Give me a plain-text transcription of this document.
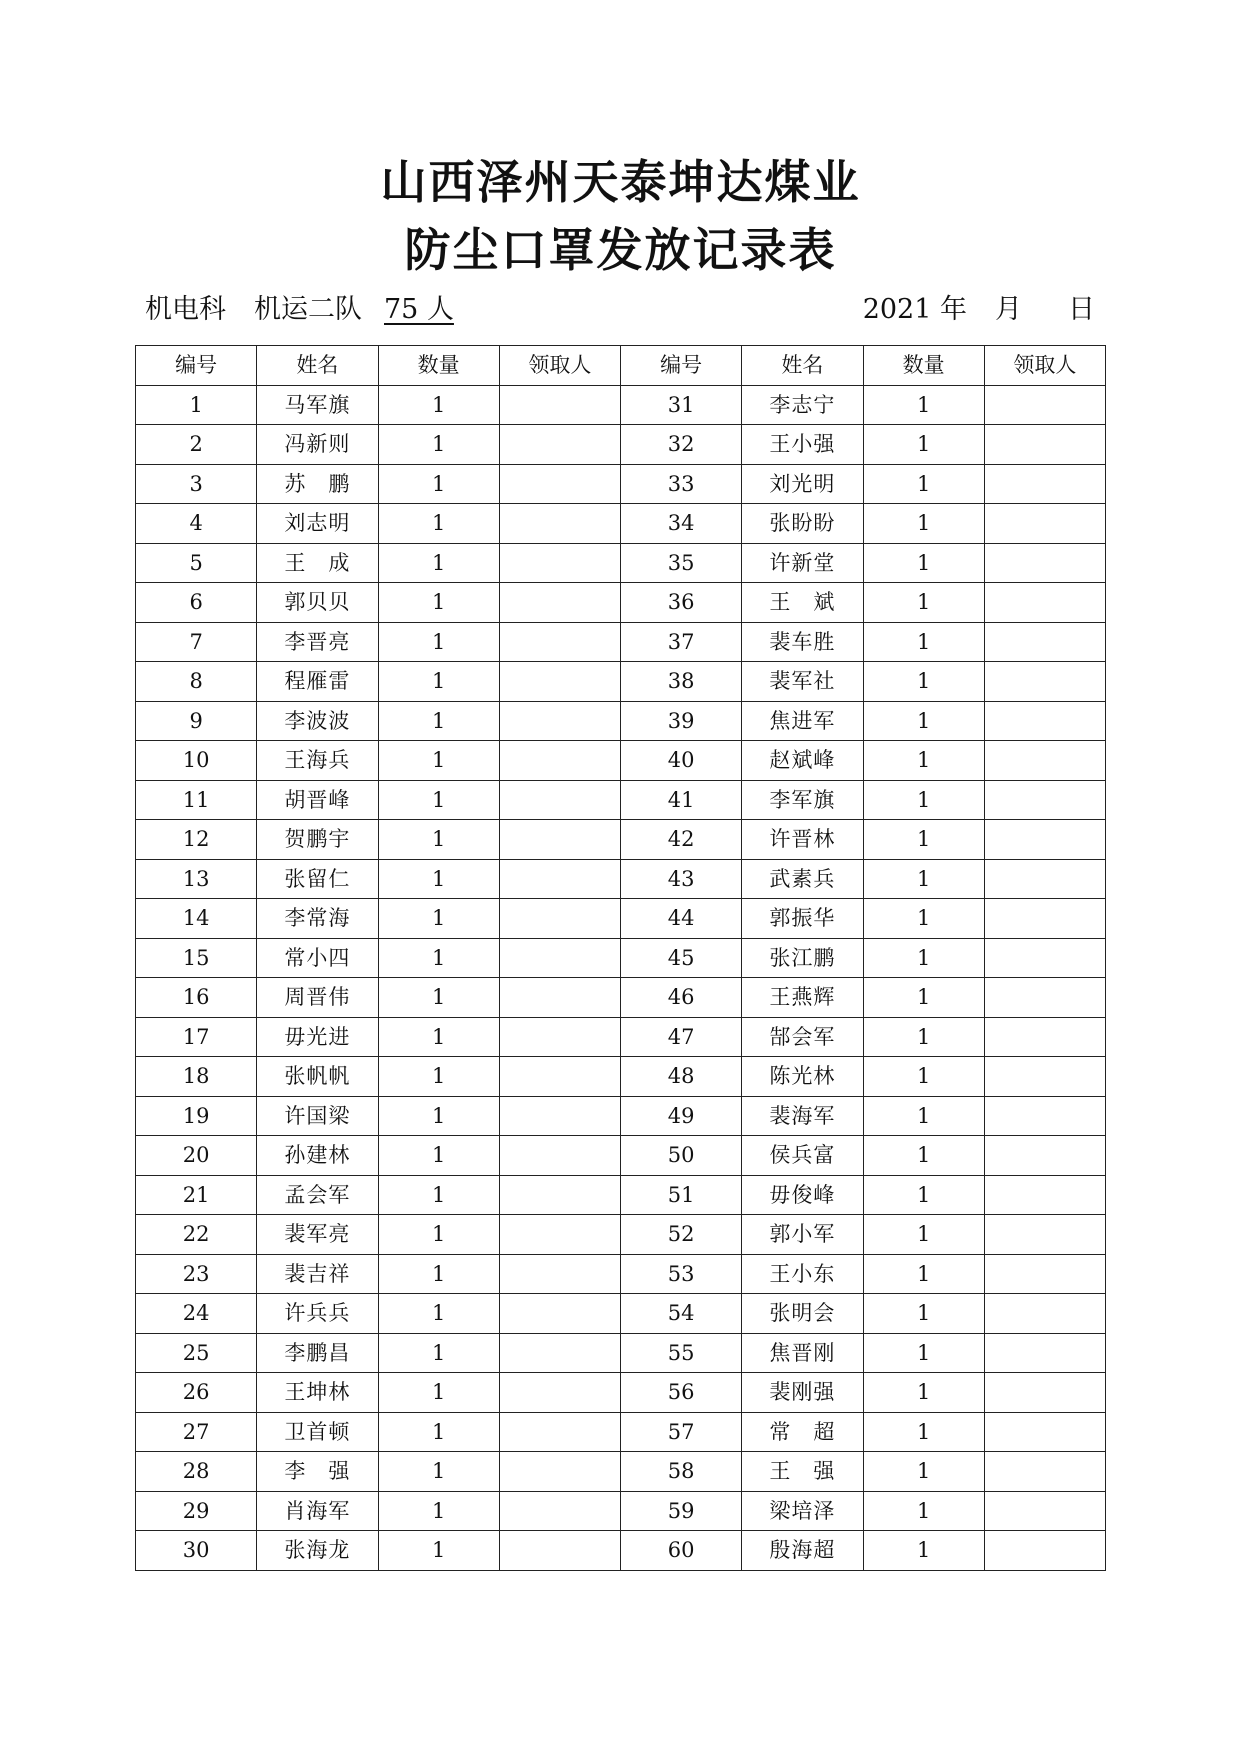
山西泽州天泰坤达煤业
防尘口罩发放记录表
机电科 机运二队 75 人	2021 年 月 日
编号	姓名	数量	领取人	编号	姓名	数量	领取人
1	马军旗	1		31	李志宁	1	
2	冯新则	1		32	王小强	1	
3	苏　鹏	1		33	刘光明	1	
4	刘志明	1		34	张盼盼	1	
5	王　成	1		35	许新堂	1	
6	郭贝贝	1		36	王　斌	1	
7	李晋亮	1		37	裴车胜	1	
8	程雁雷	1		38	裴军社	1	
9	李波波	1		39	焦进军	1	
10	王海兵	1		40	赵斌峰	1	
11	胡晋峰	1		41	李军旗	1	
12	贺鹏宇	1		42	许晋林	1	
13	张留仁	1		43	武素兵	1	
14	李常海	1		44	郭振华	1	
15	常小四	1		45	张江鹏	1	
16	周晋伟	1		46	王燕辉	1	
17	毋光进	1		47	郜会军	1	
18	张帆帆	1		48	陈光林	1	
19	许国梁	1		49	裴海军	1	
20	孙建林	1		50	侯兵富	1	
21	孟会军	1		51	毋俊峰	1	
22	裴军亮	1		52	郭小军	1	
23	裴吉祥	1		53	王小东	1	
24	许兵兵	1		54	张明会	1	
25	李鹏昌	1		55	焦晋刚	1	
26	王坤林	1		56	裴刚强	1	
27	卫首顿	1		57	常　超	1	
28	李　强	1		58	王　强	1	
29	肖海军	1		59	梁培泽	1	
30	张海龙	1		60	殷海超	1	
